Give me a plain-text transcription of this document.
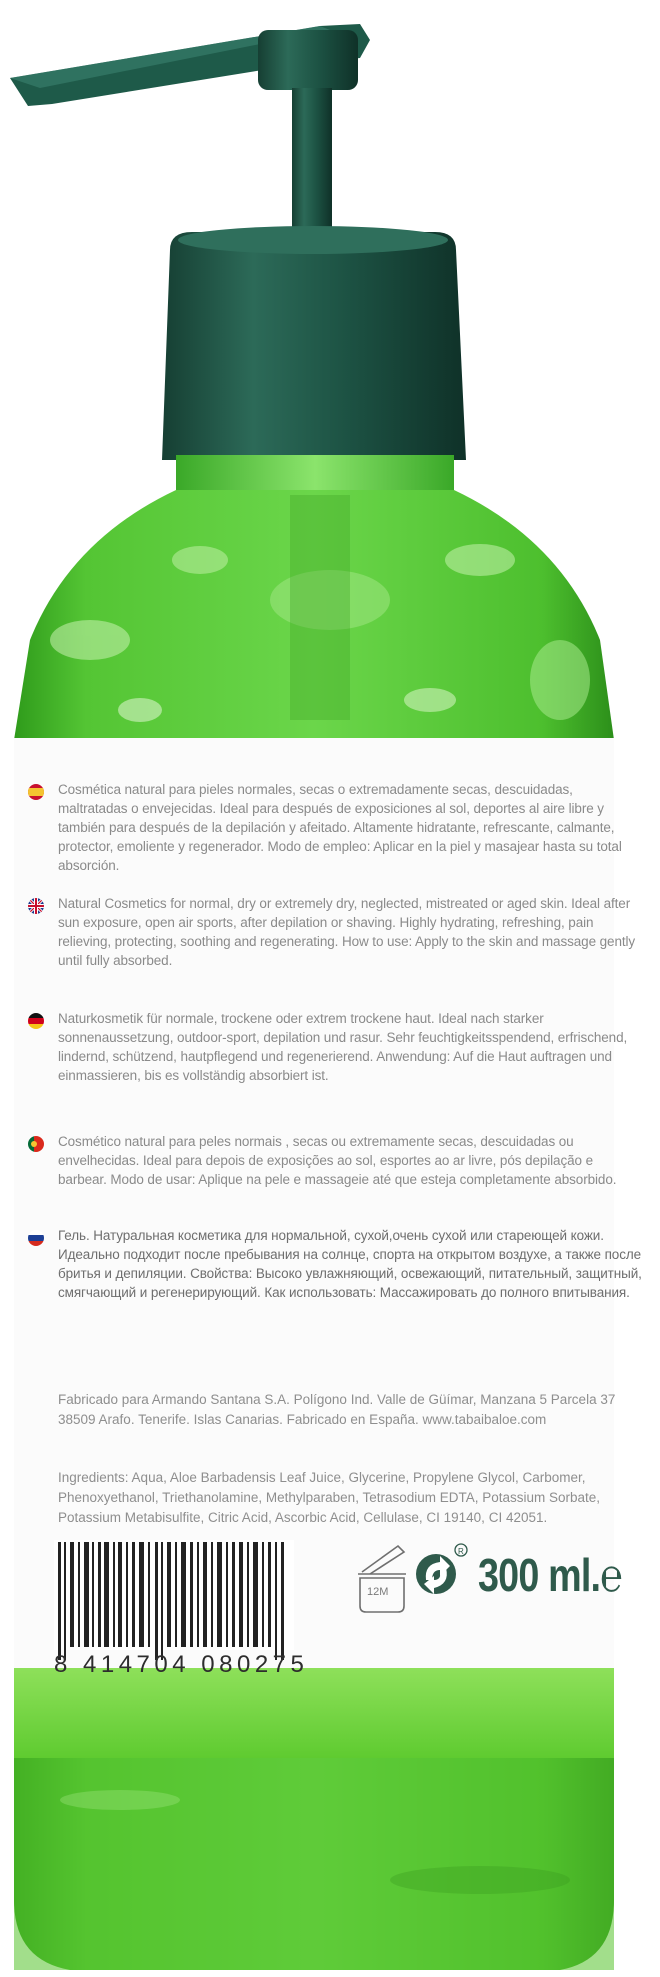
R
Cosmética natural para pieles normales, secas o extremadamente secas, descuidadas, maltratadas o envejecidas. Ideal para después de exposiciones al sol, deportes al aire libre y también para después de la depilación y afeitado. Altamente hidratante, refrescante, calmante, protector, emoliente y regenerador. Modo de empleo: Aplicar en la piel y masajear hasta su total absorción.
Natural Cosmetics for normal, dry or extremely dry, neglected, mistreated or aged skin. Ideal after sun exposure, open air sports, after depilation or shaving. Highly hydrating, refreshing, pain relieving, protecting, soothing and regenerating. How to use: Apply to the skin and massage gently until fully absorbed.
Naturkosmetik für normale, trockene oder extrem trockene haut. Ideal nach starker sonnenaussetzung, outdoor-sport, depilation und rasur. Sehr feuchtigkeitsspendend, erfrischend, lindernd, schützend, hautpflegend und regenerierend. Anwendung: Auf die Haut auftragen und einmassieren, bis es vollständig absorbiert ist.
Cosmético natural para peles normais , secas ou extremamente secas, descuidadas ou envelhecidas. Ideal para depois de exposições ao sol, esportes ao ar livre, pós depilação e barbear. Modo de usar: Aplique na pele e massageie até que esteja completamente absorbido.
Гель. Натуральная косметика для нормальной, сухой,очень сухой или стареющей кожи. Идеально подходит после пребывания на солнце, спорта на открытом воздухе, а также после бритья и депиляции. Свойства: Высоко увлажняющий, освежающий, питательный, защитный, смягчающий и регенерирующий. Как использовать: Массажировать до полного впитывания.
Fabricado para Armando Santana S.A. Polígono Ind. Valle de Güímar, Manzana 5 Parcela 37 38509 Arafo. Tenerife. Islas Canarias. Fabricado en España. www.tabaibaloe.com
Ingredients: Aqua, Aloe Barbadensis Leaf Juice, Glycerine, Propylene Glycol, Carbomer, Phenoxyethanol, Triethanolamine, Methylparaben, Tetrasodium EDTA, Potassium Sorbate, Potassium Metabisulfite, Citric Acid, Ascorbic Acid, Cellulase, CI 19140, CI 42051.
12M 300 ml.℮
8 414704 080275
